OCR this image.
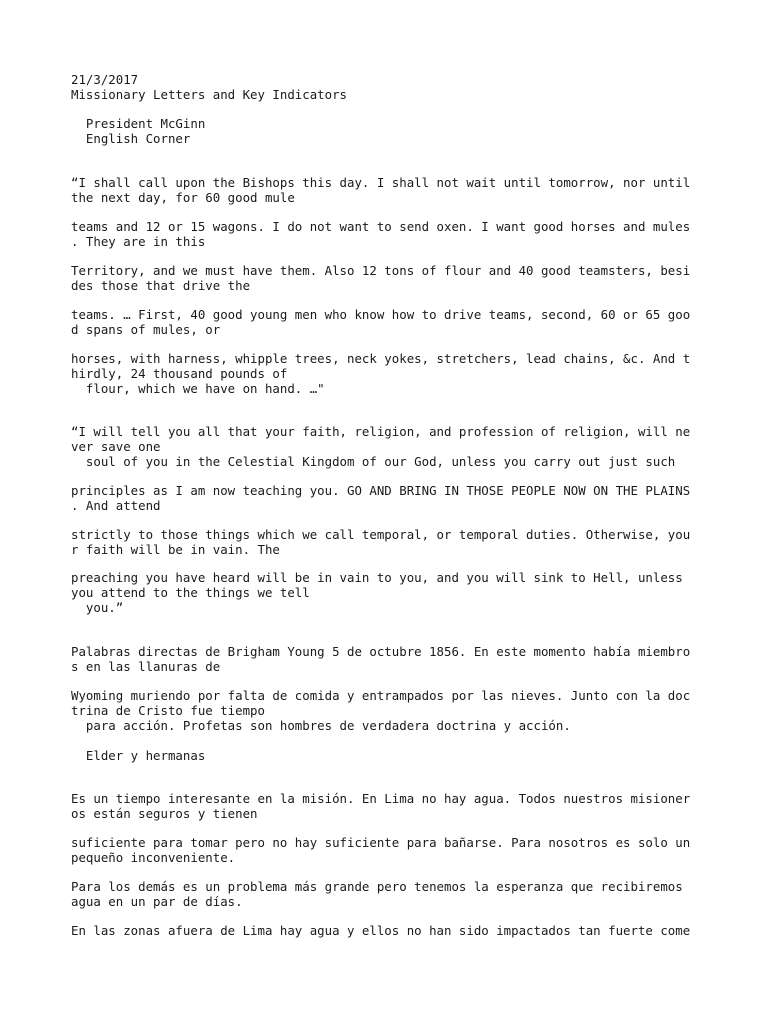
21/3/2017

Missionary Letters and Key Indicators

President McGinn

English Corner

“I shall call upon the Bishops this day. I shall not wait until tomorrow, nor until

the next day, for 60 good mule

teams and 12 or 15 wagons. I do not want to send oxen. I want good horses and mules

. They are in this

Territory, and we must have them. Also 12 tons of flour and 40 good teamsters, besi

des those that drive the

teams. … First, 40 good young men who know how to drive teams, second, 60 or 65 goo

d spans of mules, or

horses, with harness, whipple trees, neck yokes, stretchers, lead chains, &c. And t

hirdly, 24 thousand pounds of

flour, which we have on hand. …"

“I will tell you all that your faith, religion, and profession of religion, will ne

ver save one

soul of you in the Celestial Kingdom of our God, unless you carry out just such

principles as I am now teaching you. GO AND BRING IN THOSE PEOPLE NOW ON THE PLAINS

. And attend

strictly to those things which we call temporal, or temporal duties. Otherwise, you

r faith will be in vain. The

preaching you have heard will be in vain to you, and you will sink to Hell, unless

you attend to the things we tell

you.”

Palabras directas de Brigham Young 5 de octubre 1856. En este momento había miembro

s en las llanuras de

Wyoming muriendo por falta de comida y entrampados por las nieves. Junto con la doc

trina de Cristo fue tiempo

para acción. Profetas son hombres de verdadera doctrina y acción.

Elder y hermanas

Es un tiempo interesante en la misión. En Lima no hay agua. Todos nuestros misioner

os están seguros y tienen

suficiente para tomar pero no hay suficiente para bañarse. Para nosotros es solo un

pequeño inconveniente.

Para los demás es un problema más grande pero tenemos la esperanza que recibiremos

agua en un par de días.

En las zonas afuera de Lima hay agua y ellos no han sido impactados tan fuerte come
